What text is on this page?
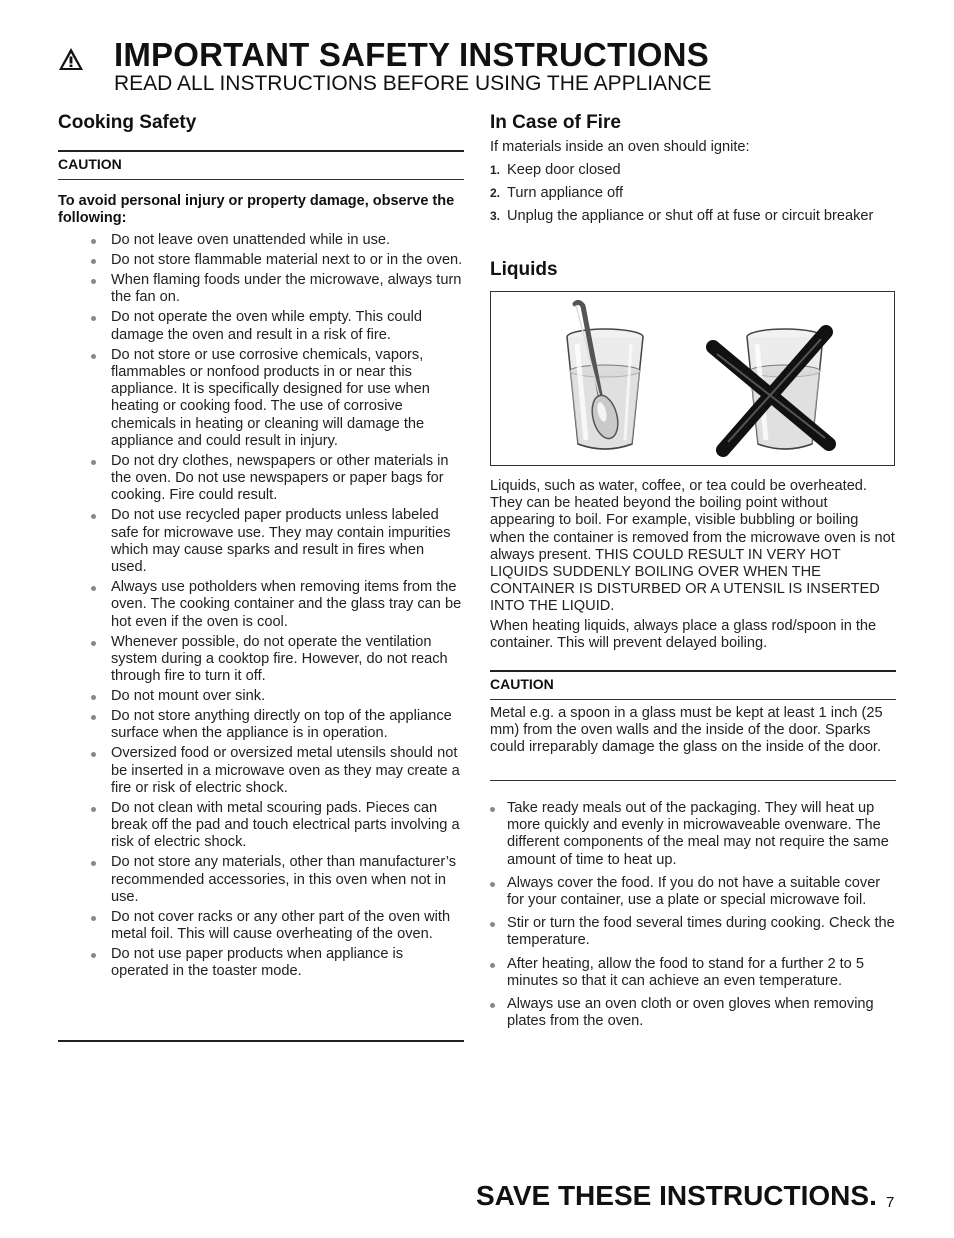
IMPORTANT SAFETY INSTRUCTIONS
READ ALL INSTRUCTIONS BEFORE USING THE APPLIANCE
Cooking Safety
CAUTION
To avoid personal injury or property damage, observe the following:
Do not leave oven unattended while in use.
Do not store flammable material next to or in the oven.
When flaming foods under the microwave, always turn the fan on.
Do not operate the oven while empty. This could damage the oven and result in a risk of fire.
Do not store or use corrosive chemicals, vapors, flammables or nonfood products in or near this appliance. It is specifically designed for use when heating or cooking food. The use of corrosive chemicals in heating or cleaning will damage the appliance and could result in injury.
Do not dry clothes, newspapers or other materials in the oven. Do not use newspapers or paper bags for cooking. Fire could result.
Do not use recycled paper products unless labeled safe for microwave use. They may contain impurities which may cause sparks and result in fires when used.
Always use potholders when removing items from the oven. The cooking container and the glass tray can be hot even if the oven is cool.
Whenever possible, do not operate the ventilation system during a cooktop fire. However, do not reach through fire to turn it off.
Do not mount over sink.
Do not store anything directly on top of the appliance surface when the appliance is in operation.
Oversized food or oversized metal utensils should not be inserted in a microwave oven as they may create a fire or risk of electric shock.
Do not clean with metal scouring pads. Pieces can break off the pad and touch electrical parts involving a risk of electric shock.
Do not store any materials, other than manufacturer’s recommended accessories, in this oven when not in use.
Do not cover racks or any other part of the oven with metal foil. This will cause overheating of the oven.
Do not use paper products when appliance is operated in the toaster mode.
In Case of Fire
If materials inside an oven should ignite:
1. Keep door closed
2. Turn appliance off
3. Unplug the appliance or shut off at fuse or circuit breaker
Liquids
Liquids, such as water, coffee, or tea could be overheated. They can be heated beyond the boiling point without appearing to boil. For example, visible bubbling or boiling when the container is removed from the microwave oven is not always present. THIS COULD RESULT IN VERY HOT LIQUIDS SUDDENLY BOILING OVER WHEN THE CONTAINER IS DISTURBED OR A UTENSIL IS INSERTED INTO THE LIQUID.
When heating liquids, always place a glass rod/spoon in the container. This will prevent delayed boiling.
CAUTION
Metal e.g. a spoon in a glass must be kept at least 1 inch (25 mm) from the oven walls and the inside of the door. Sparks could irreparably damage the glass on the inside of the door.
Take ready meals out of the packaging. They will heat up more quickly and evenly in microwaveable ovenware. The different components of the meal may not require the same amount of time to heat up.
Always cover the food. If you do not have a suitable cover for your container, use a plate or special microwave foil.
Stir or turn the food several times during cooking. Check the temperature.
After heating, allow the food to stand for a further 2 to 5 minutes so that it can achieve an even temperature.
Always use an oven cloth or oven gloves when removing plates from the oven.
SAVE THESE INSTRUCTIONS. 7
